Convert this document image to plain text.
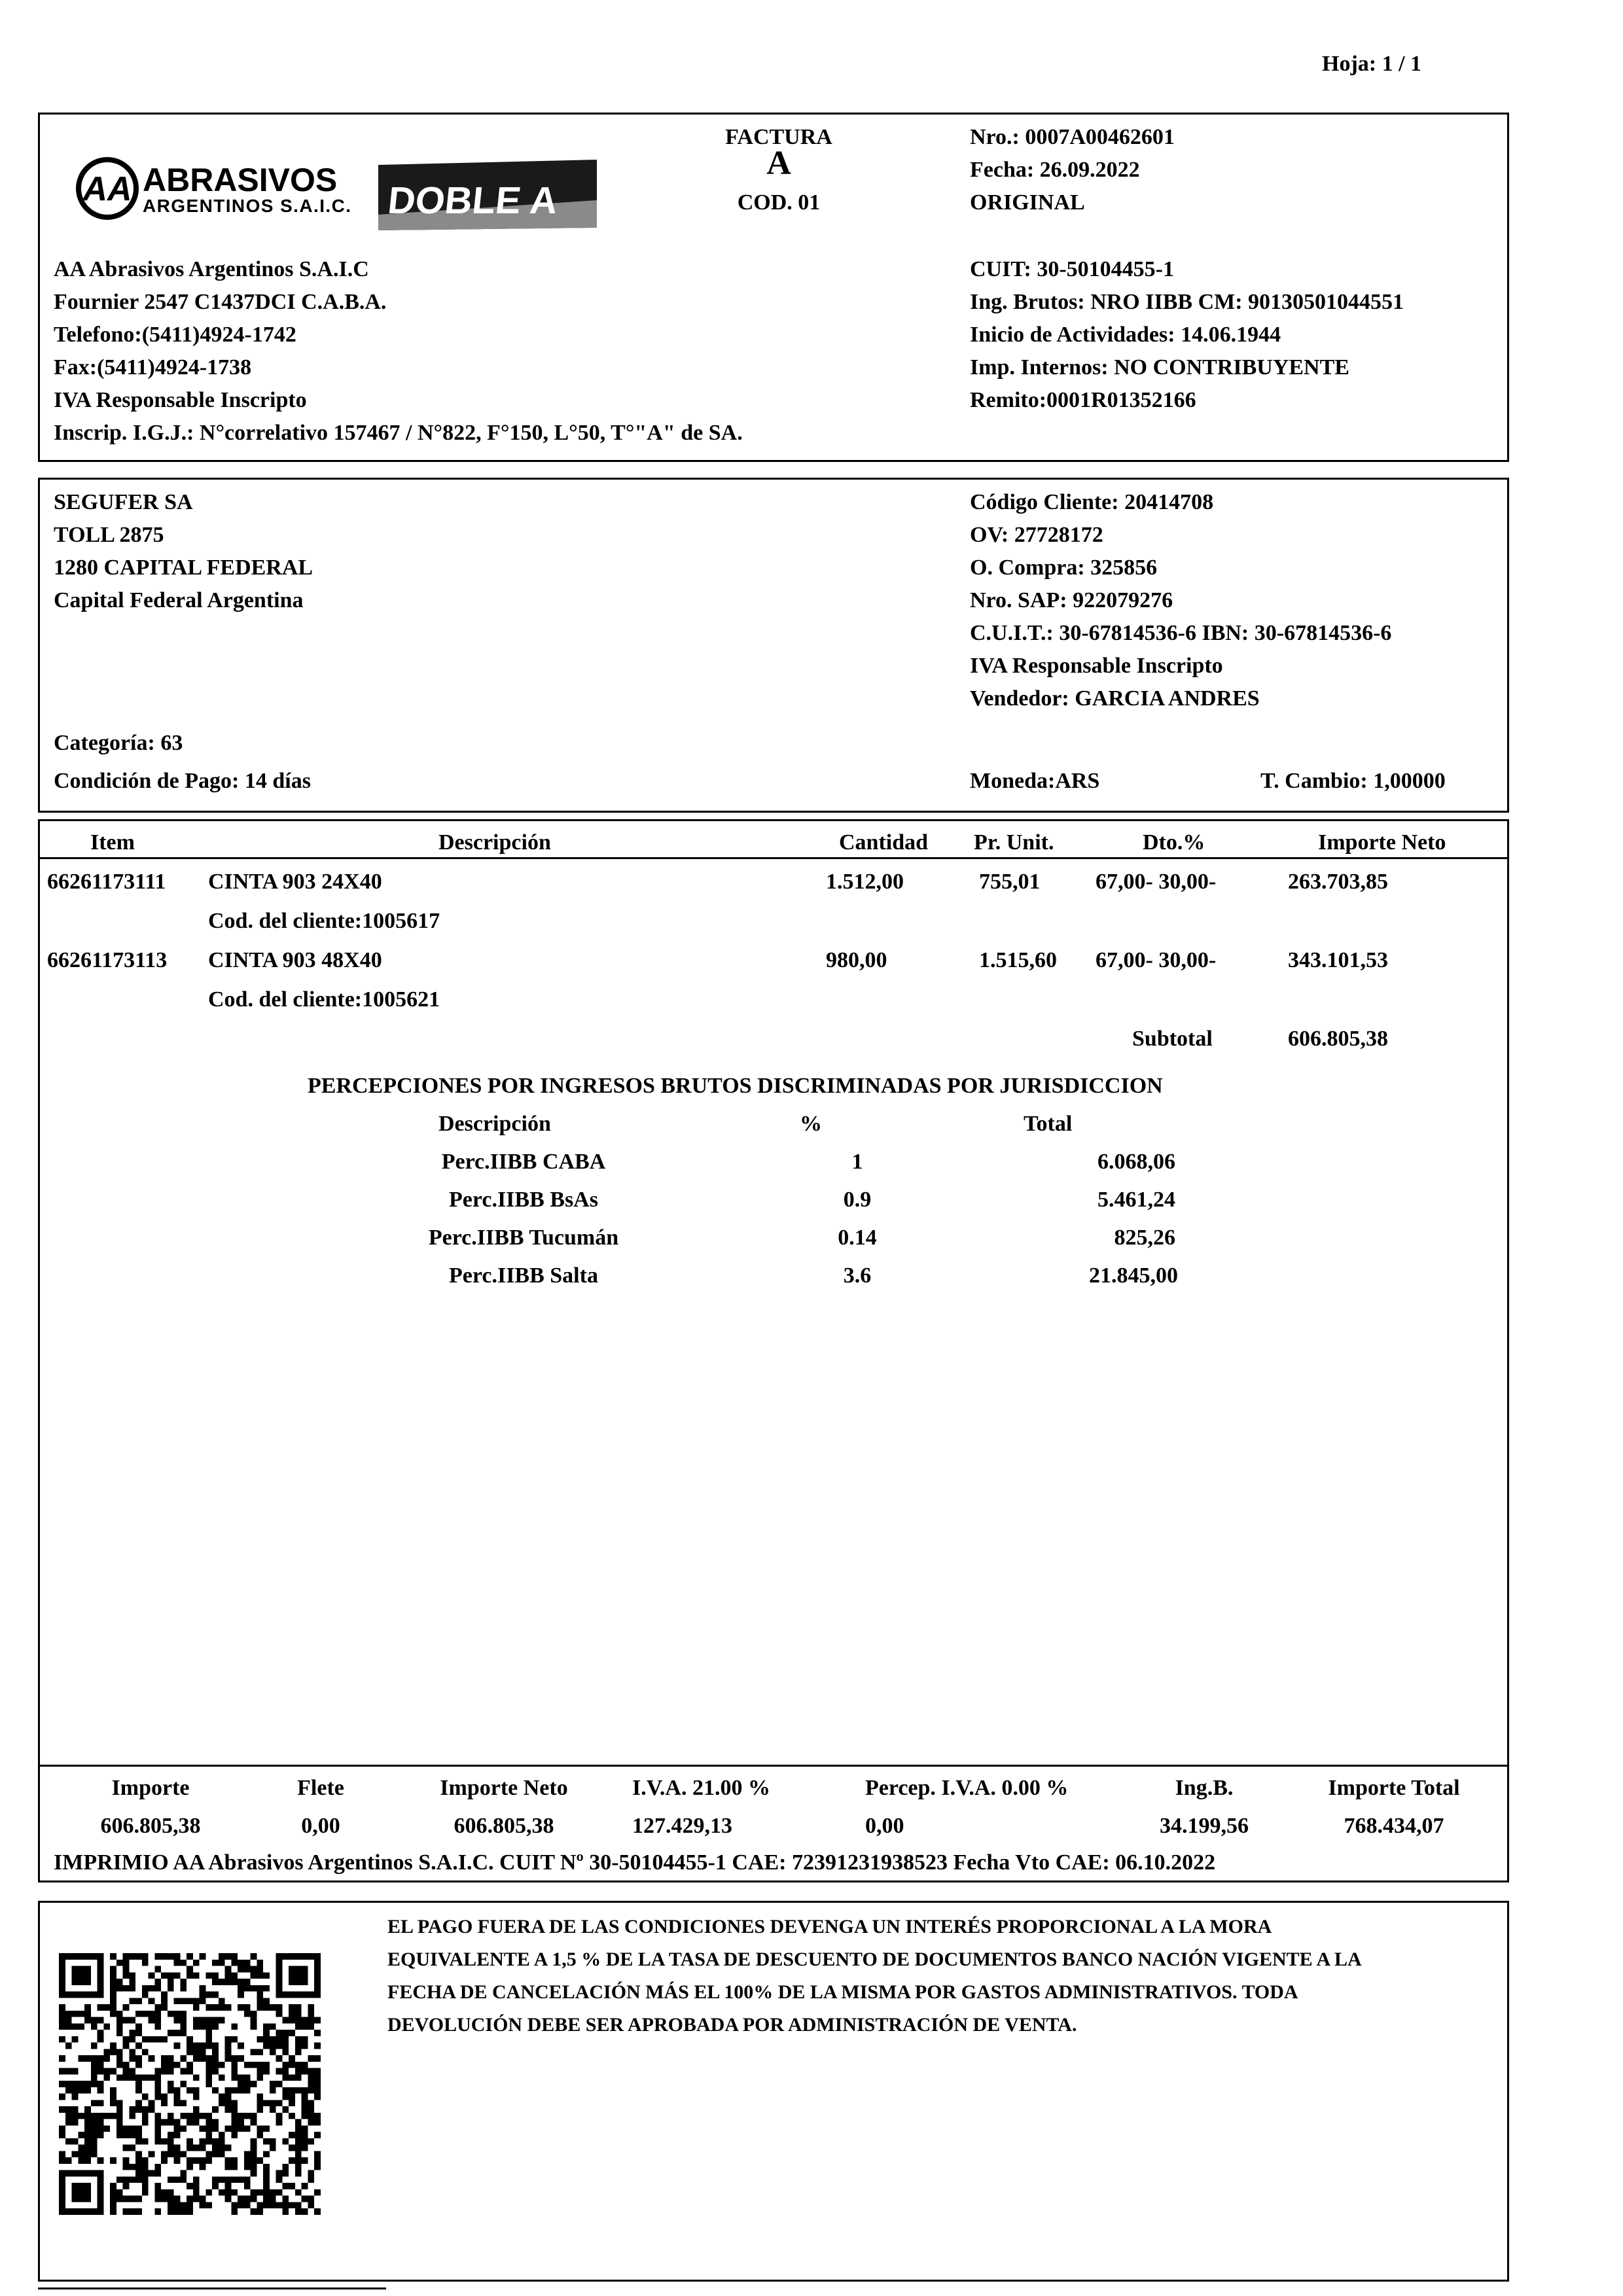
Hoja: 1 / 1
AA ABRASIVOS
ARGENTINOS S.A.I.C. DOBLE A
FACTURA
A
COD. 01
Nro.: 0007A00462601
Fecha: 26.09.2022
ORIGINAL
AA Abrasivos Argentinos S.A.I.C
Fournier 2547 C1437DCI C.A.B.A.
Telefono:(5411)4924-1742
Fax:(5411)4924-1738
IVA Responsable Inscripto
Inscrip. I.G.J.: N°correlativo 157467 / N°822, F°150, L°50, T°"A" de SA.
CUIT: 30-50104455-1
Ing. Brutos: NRO IIBB CM: 90130501044551
Inicio de Actividades: 14.06.1944
Imp. Internos: NO CONTRIBUYENTE
Remito:0001R01352166
SEGUFER SA
TOLL 2875
1280 CAPITAL FEDERAL
Capital Federal Argentina
Código Cliente: 20414708
OV: 27728172
O. Compra: 325856
Nro. SAP: 922079276
C.U.I.T.: 30-67814536-6 IBN: 30-67814536-6
IVA Responsable Inscripto
Vendedor: GARCIA ANDRES
Categoría: 63
Condición de Pago: 14 días	Moneda:ARS	T. Cambio: 1,00000
Item	Descripción	Cantidad Pr. Unit.	Dto.%	Importe Neto
66261173111 CINTA 903 24X40	1.512,00	755,01 67,00- 30,00-	263.703,85
Cod. del cliente:1005617
66261173113 CINTA 903 48X40	980,00	1.515,60 67,00- 30,00-	343.101,53
Cod. del cliente:1005621
Subtotal	606.805,38
PERCEPCIONES POR INGRESOS BRUTOS DISCRIMINADAS POR JURISDICCION
Descripción	%	Total
Perc.IIBB CABA	1	6.068,06
Perc.IIBB BsAs	0.9	5.461,24
Perc.IIBB Tucumán	0.14	825,26
Perc.IIBB Salta	3.6	21.845,00
Importe	Flete	Importe Neto	I.V.A. 21.00 %	Percep. I.V.A. 0.00 %	Ing.B.	Importe Total
606.805,38	0,00	606.805,38	127.429,13	0,00	34.199,56	768.434,07
IMPRIMIO AA Abrasivos Argentinos S.A.I.C. CUIT Nº 30-50104455-1 CAE: 72391231938523 Fecha Vto CAE: 06.10.2022
EL PAGO FUERA DE LAS CONDICIONES DEVENGA UN INTERÉS PROPORCIONAL A LA MORA
EQUIVALENTE A 1,5 % DE LA TASA DE DESCUENTO DE DOCUMENTOS BANCO NACIÓN VIGENTE A LA
FECHA DE CANCELACIÓN MÁS EL 100% DE LA MISMA POR GASTOS ADMINISTRATIVOS. TODA
DEVOLUCIÓN DEBE SER APROBADA POR ADMINISTRACIÓN DE VENTA.
